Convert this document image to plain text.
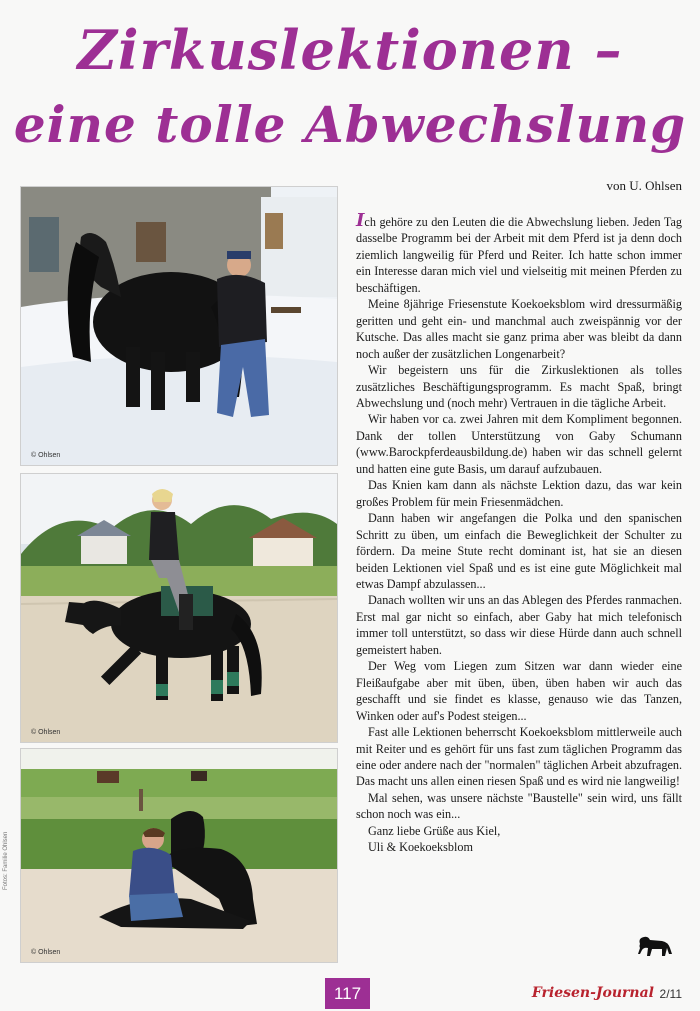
Zirkuslektionen –
eine tolle Abwechslung
von U. Ohlsen
© Ohlsen
© Ohlsen
© Ohlsen
Fotos: Familie Ohlsen

Ich gehöre zu den Leuten die die Abwechslung lieben. Jeden Tag dasselbe Programm bei der Arbeit mit dem Pferd ist ja denn doch ziemlich langweilig für Pferd und Reiter. Ich hatte schon immer ein Interesse daran mich viel und vielseitig mit meinen Pferden zu beschäftigen.

Meine 8jährige Friesenstute Koekoeksblom wird dressurmäßig geritten und geht ein- und manchmal auch zweispännig vor der Kutsche. Das alles macht sie ganz prima aber was bleibt da dann noch außer der zusätzlichen Longenarbeit?

Wir begeistern uns für die Zirkuslektionen als tolles zusätzliches Beschäftigungsprogramm. Es macht Spaß, bringt Abwechslung und (noch mehr) Vertrauen in die tägliche Arbeit.

Wir haben vor ca. zwei Jahren mit dem Kompliment begonnen. Dank der tollen Unterstützung von Gaby Schumann (www.Barockpferdeausbildung.de) haben wir das schnell gelernt und hatten eine gute Basis, um darauf aufzubauen.

Das Knien kam dann als nächste Lektion dazu, das war kein großes Problem für mein Friesenmädchen.

Dann haben wir angefangen die Polka und den spanischen Schritt zu üben, um einfach die Beweglichkeit der Schulter zu fördern. Da meine Stute recht dominant ist, hat sie an diesen beiden Lektionen viel Spaß und es ist eine gute Möglichkeit mal etwas Dampf abzulassen...

Danach wollten wir uns an das Ablegen des Pferdes ranmachen. Erst mal gar nicht so einfach, aber Gaby hat mich telefonisch immer toll unterstützt, so dass wir diese Hürde dann auch schnell gemeistert haben.

Der Weg vom Liegen zum Sitzen war dann wieder eine Fleißaufgabe aber mit üben, üben, üben haben wir auch das geschafft und sie findet es klasse, genauso wie das Tanzen, Winken oder auf's Podest steigen...

Fast alle Lektionen beherrscht Koekoeksblom mittlerweile auch mit Reiter und es gehört für uns fast zum täglichen Programm das eine oder andere nach der "normalen" täglichen Arbeit abzufragen. Das macht uns allen einen riesen Spaß und es wird nie langweilig!

Mal sehen, was unsere nächste "Baustelle" sein wird, uns fällt schon noch was ein...

Ganz liebe Grüße aus Kiel,

Uli & Koekoeksblom

117	Friesen-Journal 2/11
